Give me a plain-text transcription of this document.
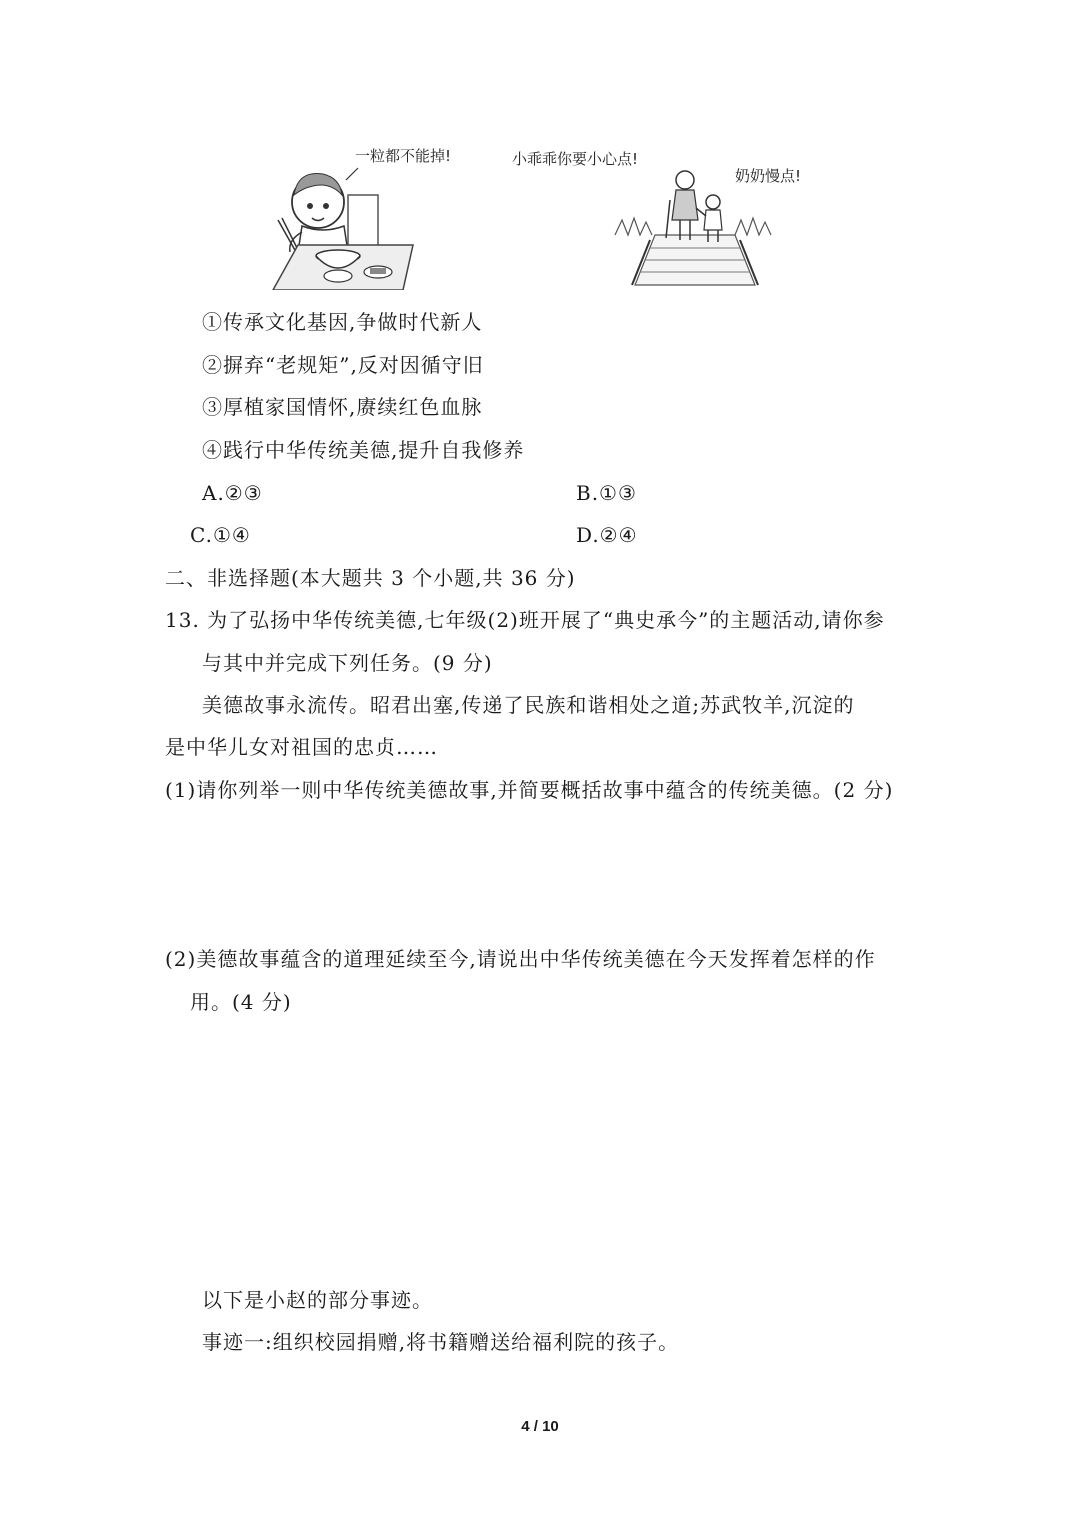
一粒都不能掉!	小乖乖你要小心点!
奶奶慢点!
①传承文化基因,争做时代新人
②摒弃“老规矩”,反对因循守旧
③厚植家国情怀,赓续红色血脉
④践行中华传统美德,提升自我修养
A.②③	B.①③
C.①④	D.②④
二、非选择题(本大题共 3 个小题,共 36 分)
13. 为了弘扬中华传统美德,七年级(2)班开展了“典史承今”的主题活动,请你参
与其中并完成下列任务。(9 分)
美德故事永流传。昭君出塞,传递了民族和谐相处之道;苏武牧羊,沉淀的
是中华儿女对祖国的忠贞……
(1)请你列举一则中华传统美德故事,并简要概括故事中蕴含的传统美德。(2 分)
(2)美德故事蕴含的道理延续至今,请说出中华传统美德在今天发挥着怎样的作
用。(4 分)
以下是小赵的部分事迹。
事迹一:组织校园捐赠,将书籍赠送给福利院的孩子。
4 / 10
